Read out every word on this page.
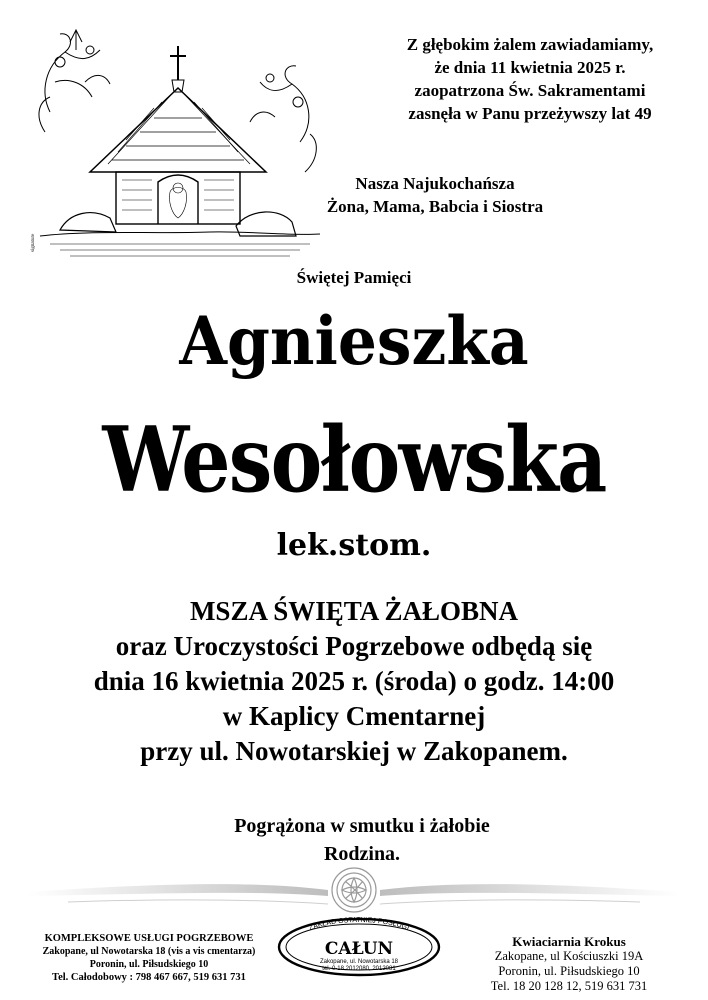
signature
Z głębokim żalem zawiadamiamy,
że dnia 11 kwietnia 2025 r.
zaopatrzona Św. Sakramentami
zasnęła w Panu przeżywszy lat 49
Nasza Najukochańsza
Żona, Mama, Babcia i Siostra
Świętej Pamięci
Agnieszka
Wesołowska
lek.stom.
MSZA ŚWIĘTA ŻAŁOBNA
oraz Uroczystości Pogrzebowe odbędą się
dnia 16 kwietnia 2025 r. (środa) o godz. 14:00
w Kaplicy Cmentarnej
przy ul. Nowotarskiej w Zakopanem.
Pogrążona w smutku i żałobie
Rodzina.
KOMPLEKSOWE USŁUGI POGRZEBOWE
Zakopane, ul Nowotarska 18 (vis a vis cmentarza)
Poronin, ul. Piłsudskiego 10
Tel. Całodobowy : 798 467 667, 519 631 731
ZAKŁAD OSTATNIEJ POSŁUGI
CAŁUN
Zakopane, ul. Nowotarska 18
tel. 0-18 2012080, 2012081
Kwiaciarnia Krokus
Zakopane, ul Kościuszki 19A
Poronin, ul. Piłsudskiego 10
Tel. 18 20 128 12, 519 631 731
